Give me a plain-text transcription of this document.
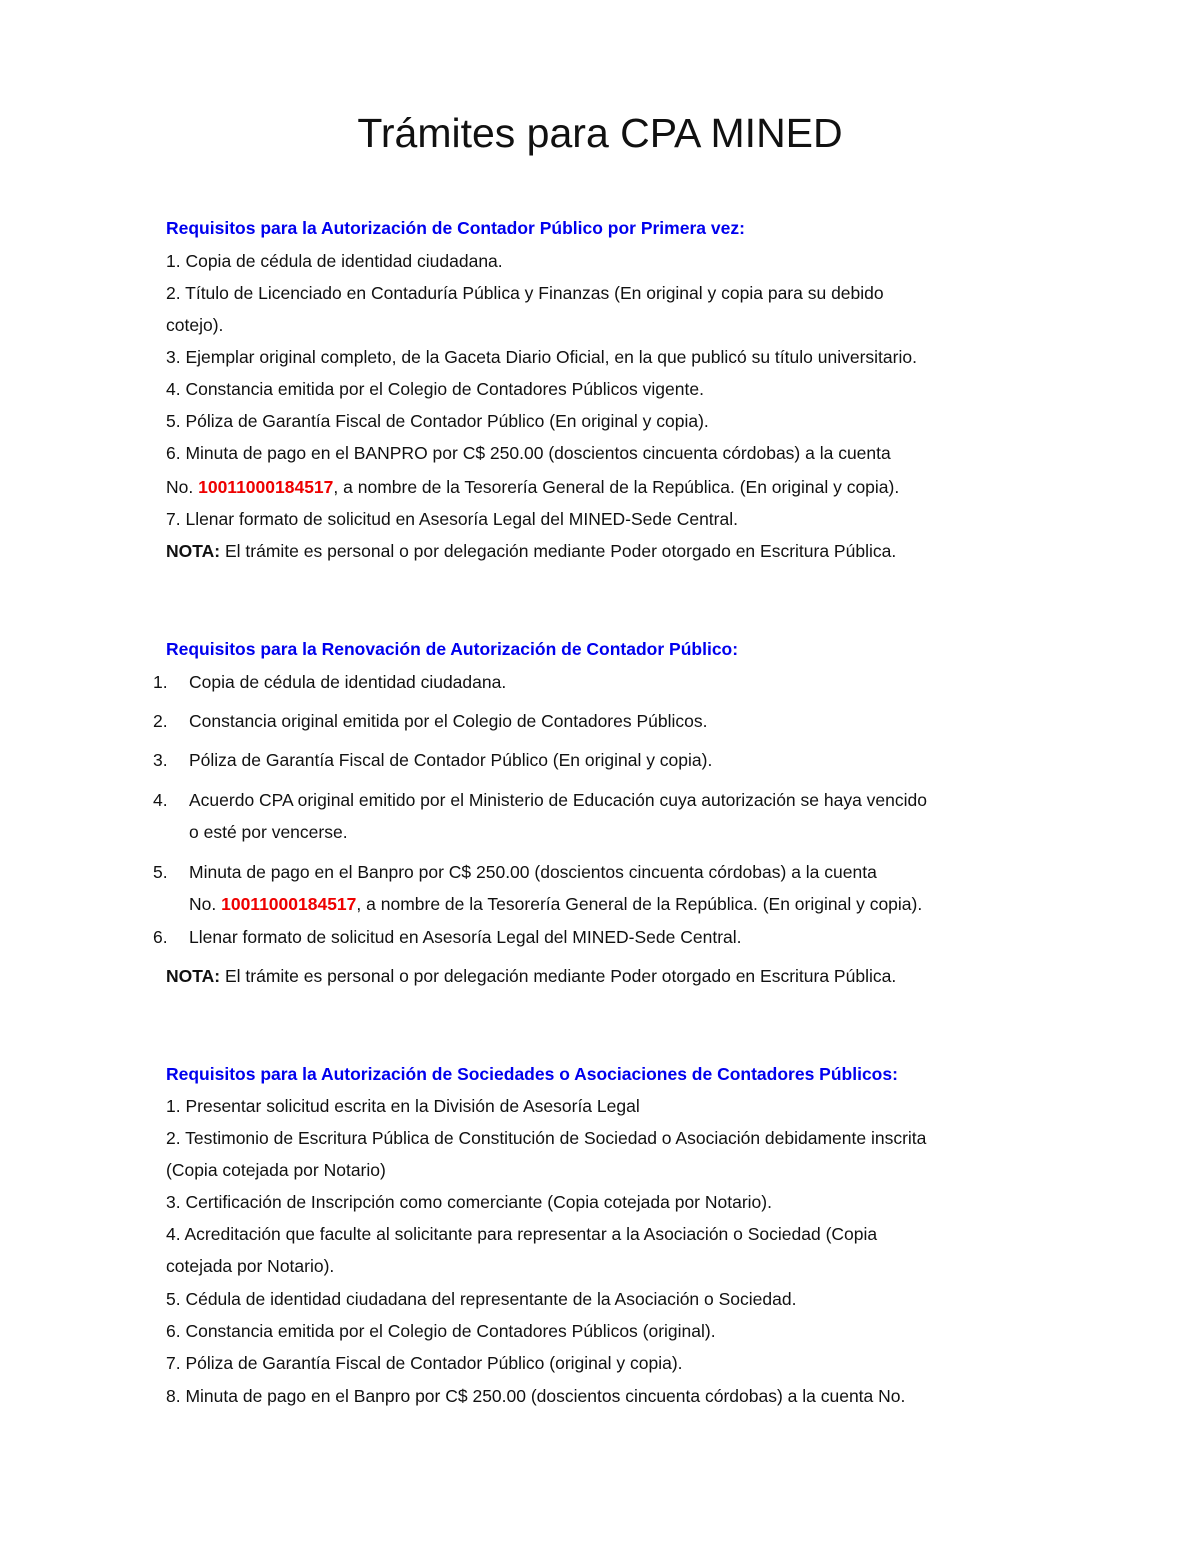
Trámites para CPA MINED
Requisitos para la Autorización de Contador Público por Primera vez:
1. Copia de cédula de identidad ciudadana.
2. Título de Licenciado en Contaduría Pública y Finanzas (En original y copia para su debido
cotejo).
3. Ejemplar original completo, de la Gaceta Diario Oficial, en la que publicó su título universitario.
4. Constancia emitida por el Colegio de Contadores Públicos vigente.
5. Póliza de Garantía Fiscal de Contador Público (En original y copia).
6. Minuta de pago en el BANPRO por C$ 250.00 (doscientos cincuenta córdobas) a la cuenta
No. 10011000184517, a nombre de la Tesorería General de la República. (En original y copia).
7. Llenar formato de solicitud en Asesoría Legal del MINED-Sede Central.
NOTA: El trámite es personal o por delegación mediante Poder otorgado en Escritura Pública.
Requisitos para la Renovación de Autorización de Contador Público:
1. Copia de cédula de identidad ciudadana.
2. Constancia original emitida por el Colegio de Contadores Públicos.
3. Póliza de Garantía Fiscal de Contador Público (En original y copia).
4. Acuerdo CPA original emitido por el Ministerio de Educación cuya autorización se haya vencido
o esté por vencerse.
5. Minuta de pago en el Banpro por C$ 250.00 (doscientos cincuenta córdobas) a la cuenta
No. 10011000184517, a nombre de la Tesorería General de la República. (En original y copia).
6. Llenar formato de solicitud en Asesoría Legal del MINED-Sede Central.
NOTA: El trámite es personal o por delegación mediante Poder otorgado en Escritura Pública.
Requisitos para la Autorización de Sociedades o Asociaciones de Contadores Públicos:
1. Presentar solicitud escrita en la División de Asesoría Legal
2. Testimonio de Escritura Pública de Constitución de Sociedad o Asociación debidamente inscrita
(Copia cotejada por Notario)
3. Certificación de Inscripción como comerciante (Copia cotejada por Notario).
4. Acreditación que faculte al solicitante para representar a la Asociación o Sociedad (Copia
cotejada por Notario).
5. Cédula de identidad ciudadana del representante de la Asociación o Sociedad.
6. Constancia emitida por el Colegio de Contadores Públicos (original).
7. Póliza de Garantía Fiscal de Contador Público (original y copia).
8. Minuta de pago en el Banpro por C$ 250.00 (doscientos cincuenta córdobas) a la cuenta No.
